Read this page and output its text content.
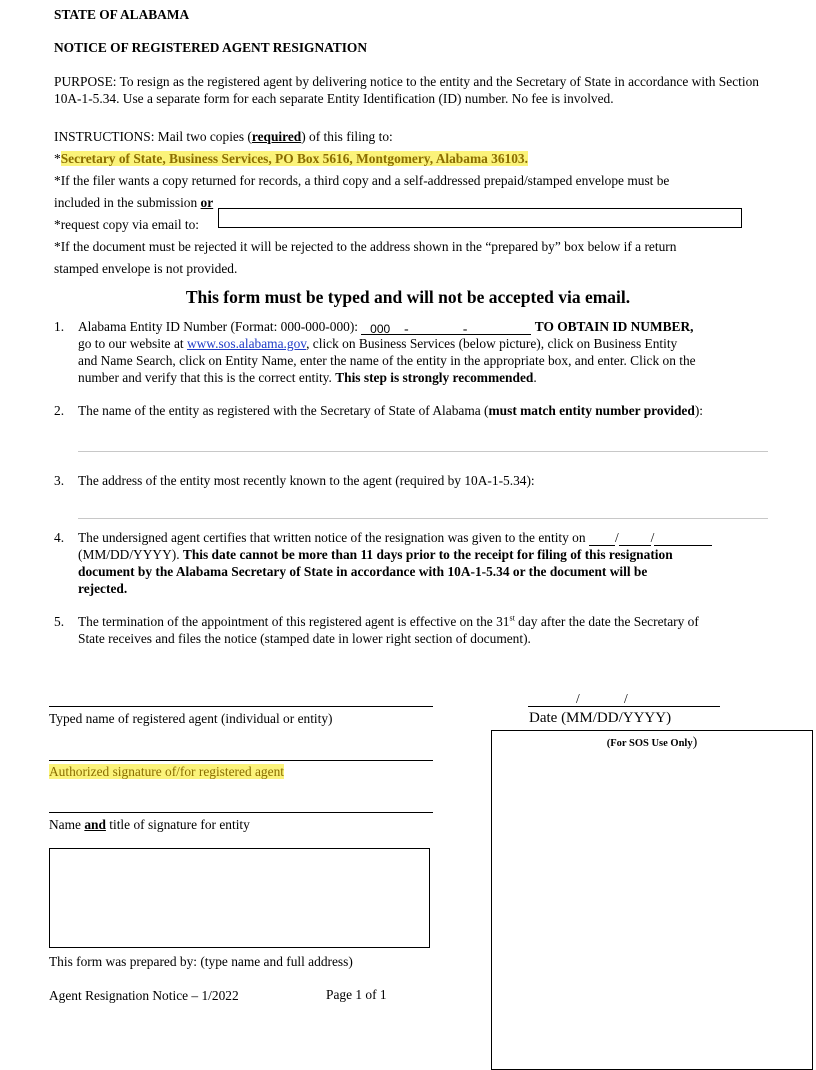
STATE OF ALABAMA
NOTICE OF REGISTERED AGENT RESIGNATION
PURPOSE: To resign as the registered agent by delivering notice to the entity and the Secretary of State in accordance with Section 10A-1-5.34. Use a separate form for each separate Entity Identification (ID) number. No fee is involved.
INSTRUCTIONS: Mail two copies (required) of this filing to:
*Secretary of State, Business Services, PO Box 5616, Montgomery, Alabama 36103.
*If the filer wants a copy returned for records, a third copy and a self-addressed prepaid/stamped envelope must be
included in the submission or
*request copy via email to:
*If the document must be rejected it will be rejected to the address shown in the “prepared by” box below if a return
stamped envelope is not provided.
This form must be typed and will not be accepted via email.
1. Alabama Entity ID Number (Format: 000-000-000): 000 -	-	TO OBTAIN ID NUMBER,
go to our website at www.sos.alabama.gov, click on Business Services (below picture), click on Business Entity
and Name Search, click on Entity Name, enter the name of the entity in the appropriate box, and enter. Click on the
number and verify that this is the correct entity. This step is strongly recommended.
2. The name of the entity as registered with the Secretary of State of Alabama (must match entity number provided):
3. The address of the entity most recently known to the agent (required by 10A-1-5.34):
4. The undersigned agent certifies that written notice of the resignation was given to the entity on / /
(MM/DD/YYYY). This date cannot be more than 11 days prior to the receipt for filing of this resignation
document by the Alabama Secretary of State in accordance with 10A-1-5.34 or the document will be
rejected.
5. The termination of the appointment of this registered agent is effective on the 31st day after the date the Secretary of
State receives and files the notice (stamped date in lower right section of document).
Typed name of registered agent (individual or entity)
/	/
Date (MM/DD/YYYY)
(For SOS Use Only)
Authorized signature of/for registered agent
Name and title of signature for entity
This form was prepared by: (type name and full address)
Agent Resignation Notice – 1/2022	Page 1 of 1
